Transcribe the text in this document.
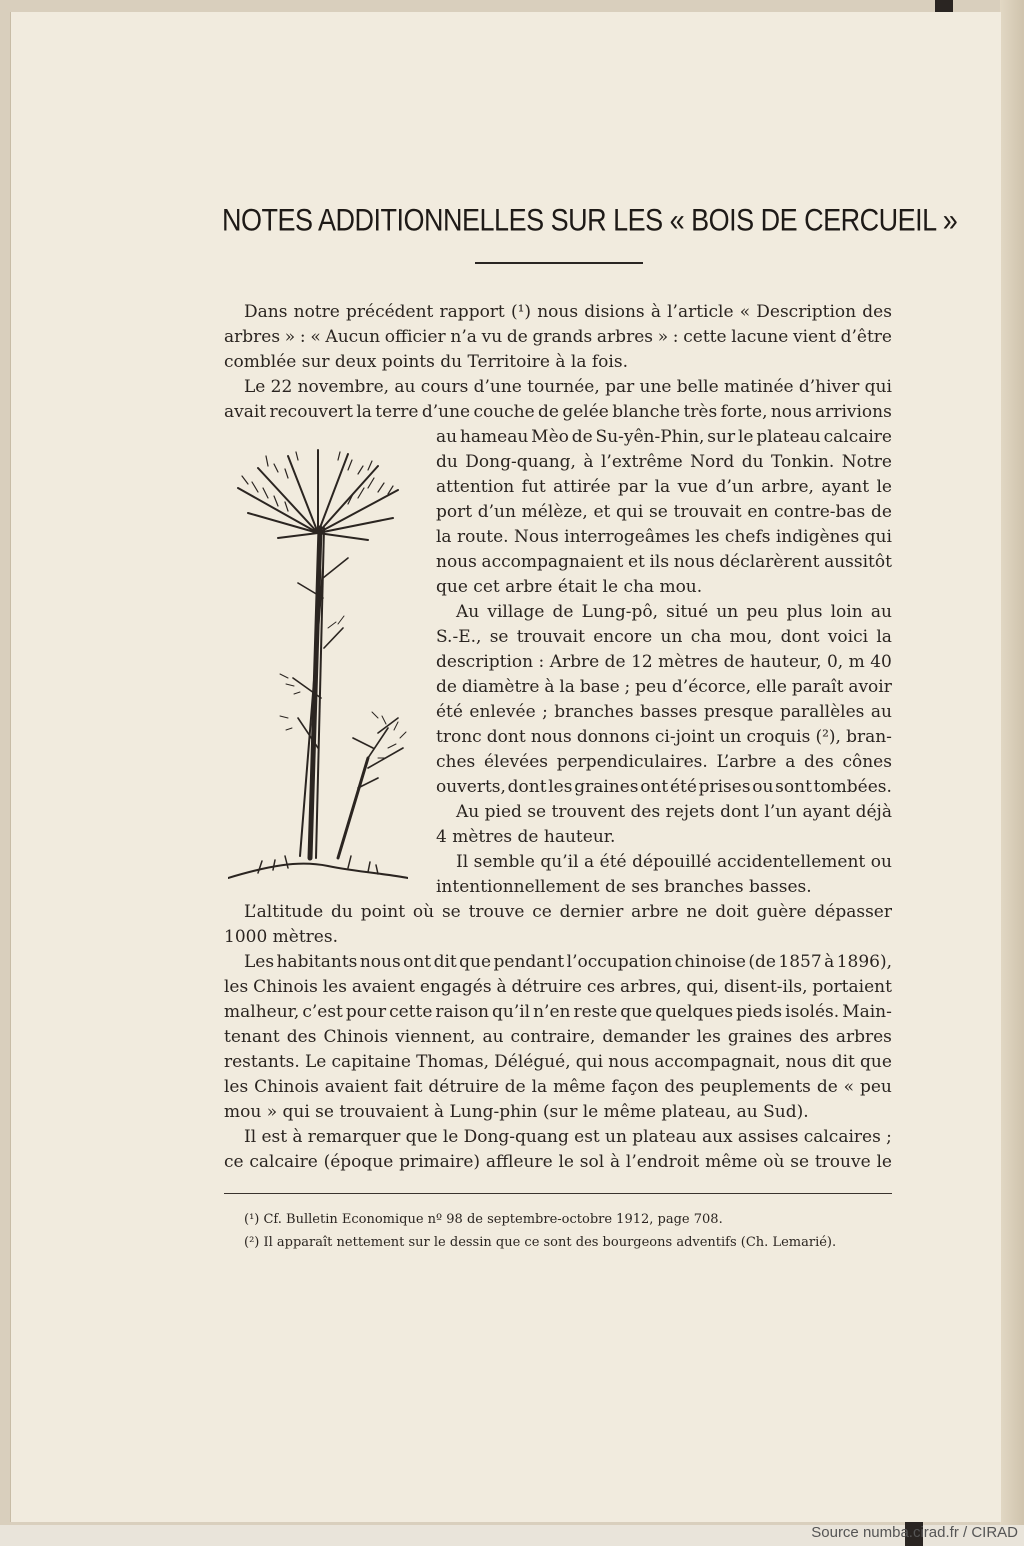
NOTES ADDITIONNELLES SUR LES « BOIS DE CERCUEIL »
Dans notre précédent rapport (¹) nous disions à l’article « Description des
arbres » : « Aucun officier n’a vu de grands arbres » : cette lacune vient d’être
comblée sur deux points du Territoire à la fois.
Le 22 novembre, au cours d’une tournée, par une belle matinée d’hiver qui
avait recouvert la terre d’une couche de gelée blanche très forte, nous arrivions
au hameau Mèo de Su-yên-Phin, sur le plateau calcaire
du Dong-quang, à l’extrême Nord du Tonkin. Notre
attention fut attirée par la vue d’un arbre, ayant le
port d’un mélèze, et qui se trouvait en contre-bas de
la route. Nous interrogeâmes les chefs indigènes qui
nous accompagnaient et ils nous déclarèrent aussitôt
que cet arbre était le cha mou.
Au village de Lung-pô, situé un peu plus loin au
S.-E., se trouvait encore un cha mou, dont voici la
description : Arbre de 12 mètres de hauteur, 0, m 40
de diamètre à la base ; peu d’écorce, elle paraît avoir
été enlevée ; branches basses presque parallèles au
tronc dont nous donnons ci-joint un croquis (²), bran-
ches élevées perpendiculaires. L’arbre a des cônes
ouverts, dont les graines ont été prises ou sont tombées.
Au pied se trouvent des rejets dont l’un ayant déjà
4 mètres de hauteur.
Il semble qu’il a été dépouillé accidentellement ou
intentionnellement de ses branches basses.
L’altitude du point où se trouve ce dernier arbre ne doit guère dépasser
1000 mètres.
Les habitants nous ont dit que pendant l’occupation chinoise (de 1857 à 1896),
les Chinois les avaient engagés à détruire ces arbres, qui, disent-ils, portaient
malheur, c’est pour cette raison qu’il n’en reste que quelques pieds isolés. Main-
tenant des Chinois viennent, au contraire, demander les graines des arbres
restants. Le capitaine Thomas, Délégué, qui nous accompagnait, nous dit que
les Chinois avaient fait détruire de la même façon des peuplements de « peu
mou » qui se trouvaient à Lung-phin (sur le même plateau, au Sud).
Il est à remarquer que le Dong-quang est un plateau aux assises calcaires ;
ce calcaire (époque primaire) affleure le sol à l’endroit même où se trouve le
(¹) Cf. Bulletin Economique nº 98 de septembre-octobre 1912, page 708.
(²) Il apparaît nettement sur le dessin que ce sont des bourgeons adventifs (Ch. Lemarié).
Source numba.cirad.fr / CIRAD
